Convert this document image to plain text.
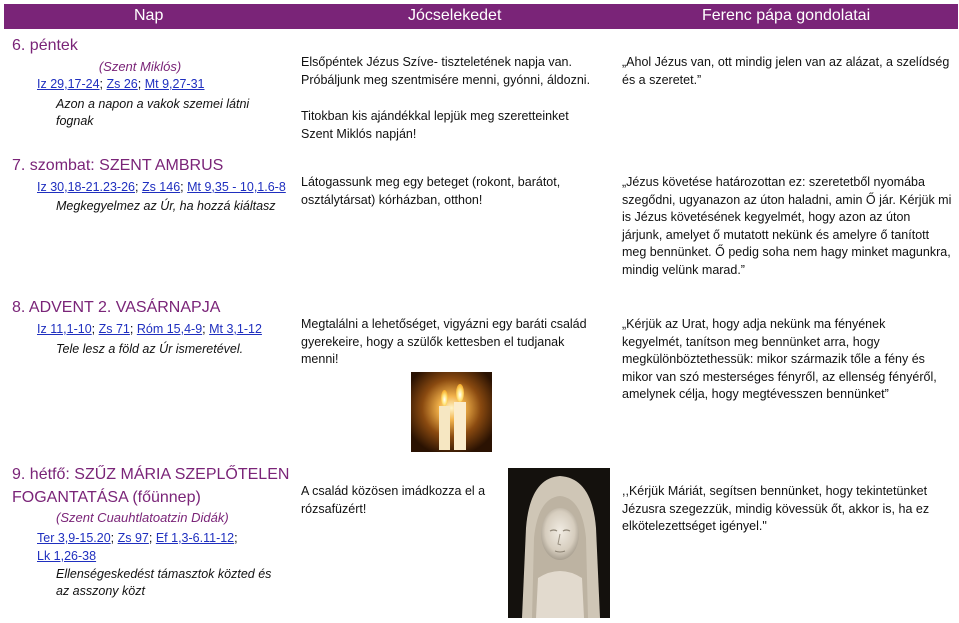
Nap	Jócselekedet	Ferenc pápa gondolatai
6. péntek
(Szent Miklós)
Iz 29,17-24; Zs 26; Mt 9,27-31
Azon a napon a vakok szemei látni fognak
Elsőpéntek Jézus Szíve- tiszteletének napja van. Próbáljunk meg szentmisére menni, gyónni, áldozni.
Titokban kis ajándékkal lepjük meg szeretteinket Szent Miklós napján!
„Ahol Jézus van, ott mindig jelen van az alázat, a szelídség és a szeretet.”
7. szombat: SZENT AMBRUS
Iz 30,18-21.23-26; Zs 146; Mt 9,35 - 10,1.6-8
Megkegyelmez az Úr, ha hozzá kiáltasz
Látogassunk meg egy beteget (rokont, barátot, osztálytársat) kórházban, otthon!
„Jézus követése határozottan ez: szeretetből nyomába szegődni, ugyanazon az úton haladni, amin Ő jár. Kérjük mi is Jézus követésének kegyelmét, hogy azon az úton járjunk, amelyet ő mutatott nekünk és amelyre ő tanított meg bennünket. Ő pedig soha nem hagy minket magunkra, mindig velünk marad.”
8. ADVENT 2. VASÁRNAPJA
Iz 11,1-10; Zs 71; Róm 15,4-9; Mt 3,1-12
Tele lesz a föld az Úr ismeretével.
Megtalálni a lehetőséget, vigyázni egy baráti család gyerekeire, hogy a szülők kettesben el tudjanak menni!
„Kérjük az Urat, hogy adja nekünk ma fényének kegyelmét, tanítson meg bennünket arra, hogy megkülönböztethessük: mikor származik tőle a fény és mikor van szó mesterséges fényről, az ellenség fényéről, amelynek célja, hogy megtévesszen bennünket”
9. hétfő: SZŰZ MÁRIA SZEPLŐTELEN FOGANTATÁSA (főünnep)
(Szent Cuauhtlatoatzin Didák)
Ter 3,9-15.20; Zs 97; Ef 1,3-6.11-12;
Lk 1,26-38
Ellenségeskedést támasztok közted és az asszony közt
A család közösen imádkozza el a rózsafüzért!
,,Kérjük Máriát, segítsen bennünket, hogy tekintetünket Jézusra szegezzük, mindig kövessük őt, akkor is, ha ez elkötelezettséget igényel."
